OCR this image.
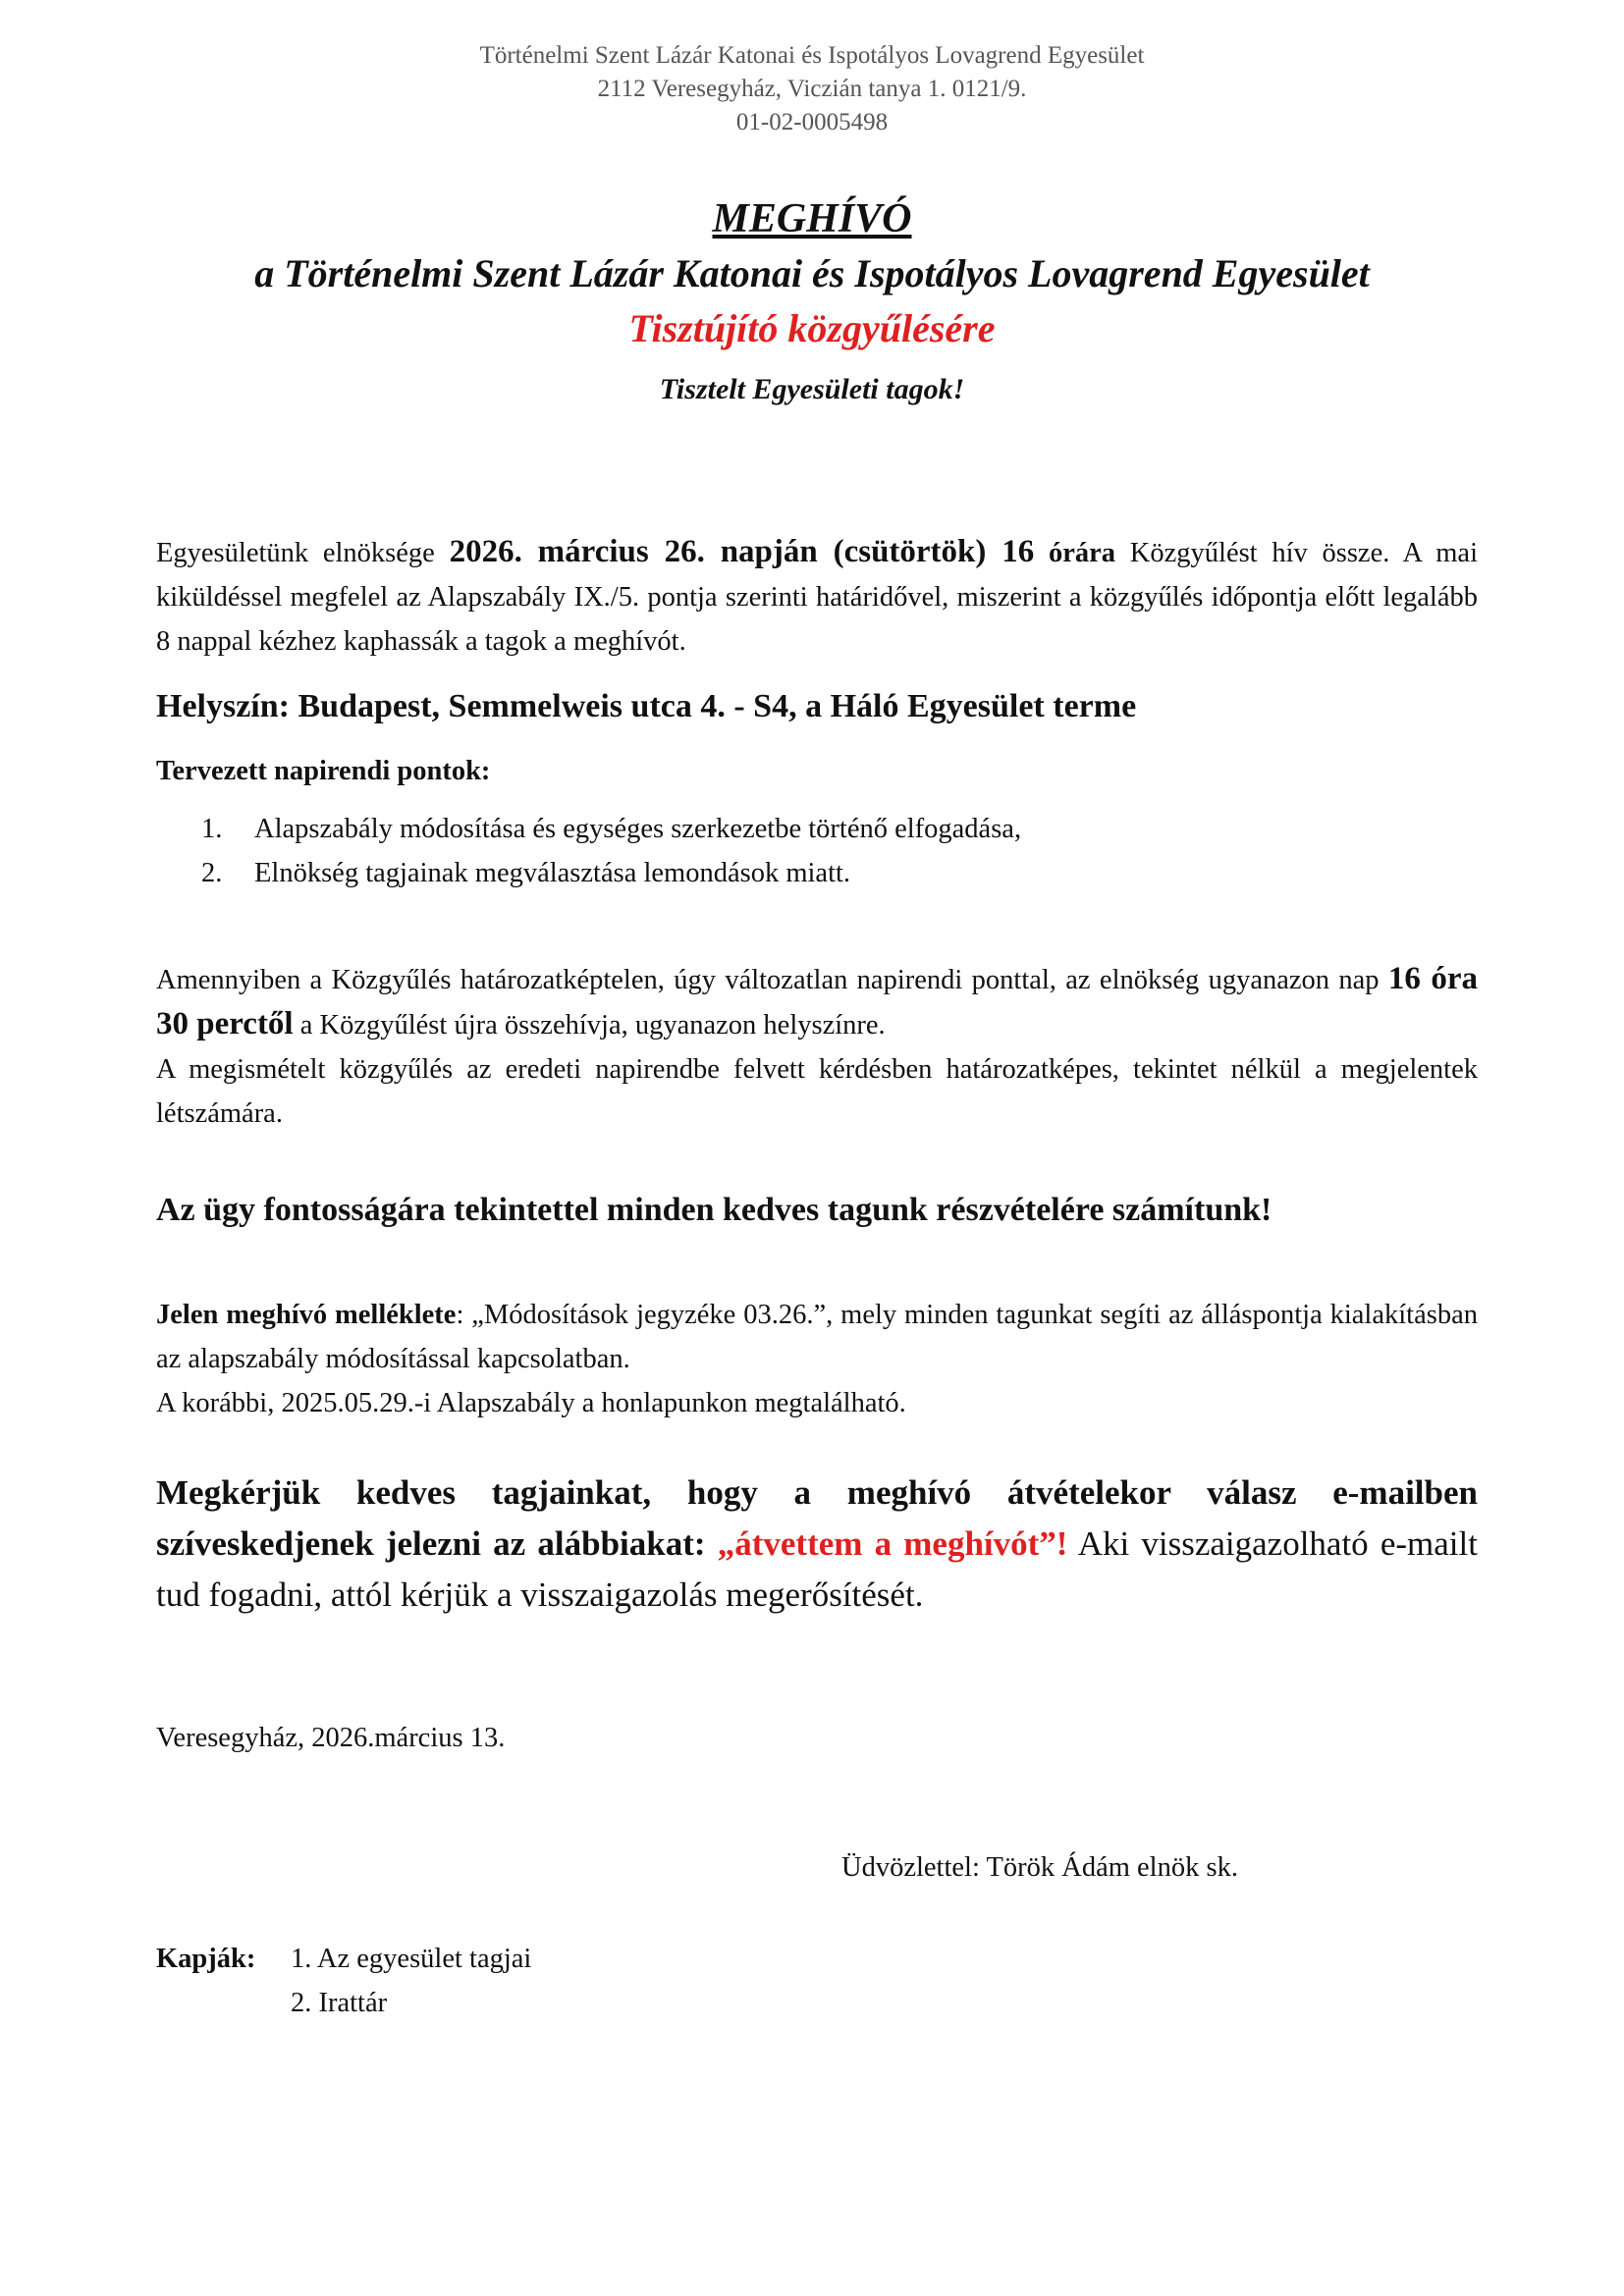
Történelmi Szent Lázár Katonai és Ispotályos Lovagrend Egyesület
2112 Veresegyház, Viczián tanya 1. 0121/9.
01-02-0005498
MEGHÍVÓ
a Történelmi Szent Lázár Katonai és Ispotályos Lovagrend Egyesület
Tisztújító közgyűlésére
Tisztelt Egyesületi tagok!

Egyesületünk elnöksége 2026. március 26. napján (csütörtök) 16 órára Közgyűlést hív össze. A mai kiküldéssel megfelel az Alapszabály IX./5. pontja szerinti határidővel, miszerint a közgyűlés időpontja előtt legalább 8 nappal kézhez kaphassák a tagok a meghívót.

Helyszín: Budapest, Semmelweis utca 4. - S4, a Háló Egyesület terme
Tervezett napirendi pontok:
1. Alapszabály módosítása és egységes szerkezetbe történő elfogadása,
2. Elnökség tagjainak megválasztása lemondások miatt.

Amennyiben a Közgyűlés határozatképtelen, úgy változatlan napirendi ponttal, az elnökség ugyanazon nap 16 óra 30 perctől a Közgyűlést újra összehívja, ugyanazon helyszínre.

A megismételt közgyűlés az eredeti napirendbe felvett kérdésben határozatképes, tekintet nélkül a megjelentek létszámára.

Az ügy fontosságára tekintettel minden kedves tagunk részvételére számítunk!

Jelen meghívó melléklete: „Módosítások jegyzéke 03.26.”, mely minden tagunkat segíti az álláspontja kialakításban az alapszabály módosítással kapcsolatban.

A korábbi, 2025.05.29.-i Alapszabály a honlapunkon megtalálható.

Megkérjük kedves tagjainkat, hogy a meghívó átvételekor válasz e-mailben szíveskedjenek jelezni az alábbiakat: „átvettem a meghívót”! Aki visszaigazolható e-mailt tud fogadni, attól kérjük a visszaigazolás megerősítését.

Veresegyház, 2026.március 13.
Üdvözlettel: Török Ádám elnök sk.
Kapják: 1. Az egyesület tagjai
2. Irattár
